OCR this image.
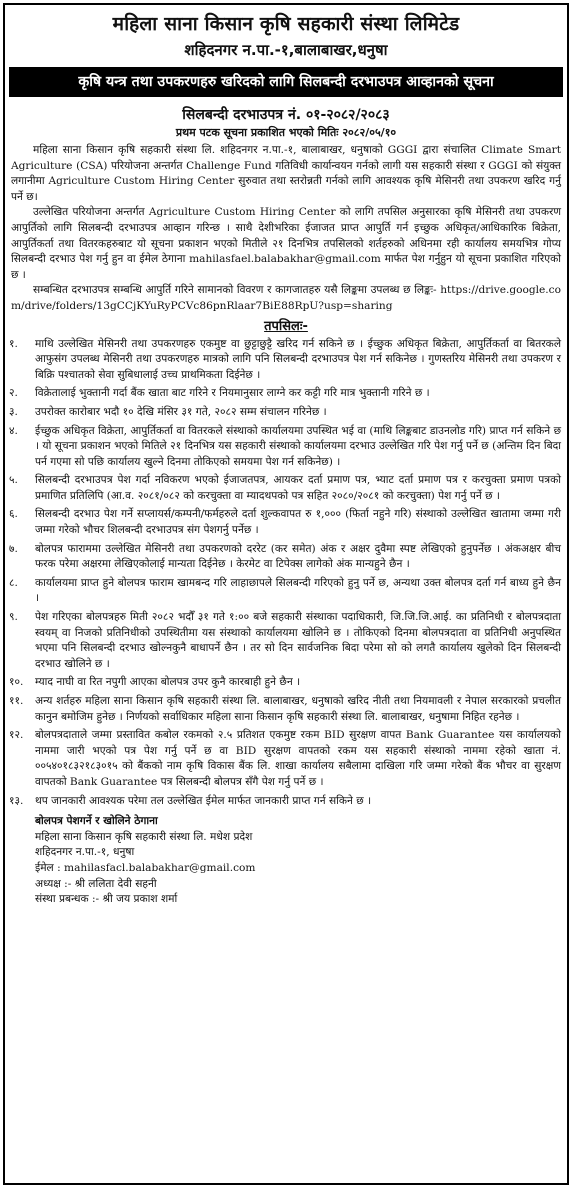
महिला साना किसान कृषि सहकारी संस्था लिमिटेड
शहिदनगर न.पा.-१,बालाबाखर,धनुषा
कृषि यन्त्र तथा उपकरणहरु खरिदको लागि सिलबन्दी दरभाउपत्र आव्हानको सूचना
सिलबन्दी दरभाउपत्र नं. ०१-२०८२/२०८३
प्रथम पटक सूचना प्रकाशित भएको मितिः २०८२/०५/१०

महिला साना किसान कृषि सहकारी संस्था लि. शहिदनगर न.पा.-१, बालाबाखर, धनुषाको GGGI द्वारा संचालित Climate Smart Agriculture (CSA) परियोजना अन्तर्गत Challenge Fund गतिविधी कार्यान्वयन गर्नको लागी यस सहकारी संस्था र GGGI को संयुक्त लगानीमा Agriculture Custom Hiring Center सुरुवात तथा स्तरोन्नती गर्नको लागि आवश्यक कृषि मेसिनरी तथा उपकरण खरिद गर्नु पर्ने छ।

उल्लेखित परियोजना अन्तर्गत Agriculture Custom Hiring Center को लागि तपसिल अनुसारका कृषि मेसिनरी तथा उपकरण आपुर्तिको लागि सिलबन्दी दरभाउपत्र आव्हान गरिन्छ । साथै देशीभरिका ईजाजत प्राप्त आपुर्ति गर्न इच्छुक अधिकृत/आधिकारिक बिक्रेता, आपुर्तिकर्ता तथा वितरकहरुबाट यो सूचना प्रकाशन भएको मितीले २१ दिनभित्र तपसिलको शर्तहरुको अधिनमा रही कार्यालय समयभित्र गोप्य सिलबन्दी दरभाउ पेश गर्नु हुन वा ईमेल ठेगाना mahilasfael.balabakhar@gmail.com मार्फत पेश गर्नुहुन यो सूचना प्रकाशित गरिएको छ ।

सम्बन्धित दरभाउपत्र सम्बन्धि आपुर्ति गरिने सामानको विवरण र कागजातहरु यसै लिङ्कमा उपलब्ध छ लिङ्कः- https://drive.google.com/drive/folders/13gCCjKYuRyPCVc86pnRlaar7BiE88RpU?usp=sharing

तपसिलः-
१.	माथि उल्लेखित मेसिनरी तथा उपकरणहरु एकमुष्ट वा छुट्टाछुट्टै खरिद गर्न सकिने छ । ईच्छुक अधिकृत बिक्रेता, आपुर्तिकर्ता वा बितरकले आफुसंग उपलब्ध मेसिनरी तथा उपकरणहरु मात्रको लागि पनि सिलबन्दी दरभाउपत्र पेश गर्न सकिनेछ । गुणस्तरिय मेसिनरी तथा उपकरण र बिक्रि पश्चातको सेवा सुबिधालाई उच्च प्राथमिकता दिईनेछ ।
२.	विक्रेतालाई भुक्तानी गर्दा बैंक खाता बाट गरिने र नियमानुसार लाग्ने कर कट्टी गरि मात्र भुक्तानी गरिने छ ।
३.	उपरोक्त कारोबार भदौ १० देखि मंसिर ३१ गते, २०८२ सम्म संचालन गरिनेछ ।
४.	ईच्छुक अधिकृत विक्रेता, आपुर्तिकर्ता वा वितरकले संस्थाको कार्यालयमा उपस्थित भई वा (माथि लिङ्कबाट डाउनलोड गरि) प्राप्त गर्न सकिने छ । यो सूचना प्रकाशन भएको मितिले २१ दिनभित्र यस सहकारी संस्थाको कार्यालयमा दरभाउ उल्लेखित गरि पेश गर्नु पर्ने छ (अन्तिम दिन बिदा पर्न गएमा सो पछि कार्यालय खुल्ने दिनमा तोकिएको समयमा पेश गर्न सकिनेछ) ।
५.	सिलबन्दी दरभाउपत्र पेश गर्दा नविकरण भएको ईजाजतपत्र, आयकर दर्ता प्रमाण पत्र, भ्याट दर्ता प्रमाण पत्र र करचुक्ता प्रमाण पत्रको प्रमाणित प्रतिलिपि (आ.व. २०८१/०८२ को करचुक्ता वा म्यादथपको पत्र सहित २०८०/२०८१ को करचुक्ता) पेश गर्नु पर्ने छ ।
६.	सिलबन्दी दरभाउ पेश गर्ने सप्लायर्स/कम्पनी/फर्महरुले दर्ता शुल्कवापत रु १,००० (फिर्ता नहुने गरि) संस्थाको उल्लेखित खातामा जम्मा गरी जम्मा गरेको भौचर शिलबन्दी दरभाउपत्र संग पेशगर्नु पर्नेछ ।
७.	बोलपत्र फाराममा उल्लेखित मेसिनरी तथा उपकरणको दररेट (कर समेत) अंक र अक्षर दुवैमा स्पष्ट लेखिएको हुनुपर्नेछ । अंकअक्षर बीच फरक परेमा अक्षरमा लेखिएकोलाई मान्यता दिईनेछ । केरमेट वा टिपेक्स लागेको अंक मान्यहुने छैन ।
८.	कार्यालयमा प्राप्त हुने बोलपत्र फाराम खामबन्द गरि लाहाछापले सिलबन्दी गरिएको हुनु पर्ने छ, अन्यथा उक्त बोलपत्र दर्ता गर्न बाध्य हुने छैन ।
९.	पेश गरिएका बोलपत्रहरु मिती २०८२ भदौँ ३१ गते १:०० बजे सहकारी संस्थाका पदाधिकारी, जि.जि.जि.आई. का प्रतिनिधी र बोलपत्रदाता स्वयम् वा निजको प्रतिनिधीको उपस्थितीमा यस संस्थाको कार्यालयमा खोलिने छ । तोकिएको दिनमा बोलपत्रदाता वा प्रतिनिधी अनुपस्थित भएमा पनि सिलबन्दी दरभाउ खोल्नकुनै बाधापर्ने छैन । तर सो दिन सार्वजनिक बिदा परेमा सो को लगतै कार्यालय खुलेको दिन सिलबन्दी दरभाउ खोलिने छ ।
१०.	म्याद नाघी वा रित नपुगी आएका बोलपत्र उपर कुनै कारबाही हुने छैन ।
११.	अन्य शर्तहरु महिला साना किसान कृषि सहकारी संस्था लि. बालाबाखर, धनुषाको खरिद नीती तथा नियमावली र नेपाल सरकारको प्रचलीत कानुन बमोजिम हुनेछ । निर्णयको सर्वाधिकार महिला साना किसान कृषि सहकारी संस्था लि. बालाबाखर, धनुषामा निहित रहनेछ ।
१२.	बोलपत्रदाताले जम्मा प्रस्तावित कबोल रकमको २.५ प्रतिशत एकमुष्ट रकम BID सुरक्षण वापत Bank Guarantee यस कार्यालयको नाममा जारी भएको पत्र पेश गर्नु पर्ने छ वा BID सुरक्षण वापतको रकम यस सहकारी संस्थाको नाममा रहेको खाता नं. ००५४०१८३२१८३०१५ को बैंकको नाम कृषि विकास बैंक लि. शाखा कार्यालय सबैलामा दाखिला गरि जम्मा गरेको बैंक भौचर वा सुरक्षण वापतको Bank Guarantee पत्र सिलबन्दी बोलपत्र सँगै पेश गर्नु पर्ने छ ।
१३.	थप जानकारी आवश्यक परेमा तल उल्लेखित ईमेल मार्फत जानकारी प्राप्त गर्न सकिने छ ।
बोलपत्र पेशगर्ने र खोलिने ठेगाना
महिला साना किसान कृषि सहकारी संस्था लि. मधेश प्रदेश
शहिदनगर न.पा.-१, धनुषा
ईमेल : mahilasfacl.balabakhar@gmail.com
अध्यक्ष :- श्री ललिता देवी सहनी
संस्था प्रबन्धक :- श्री जय प्रकाश शर्मा
